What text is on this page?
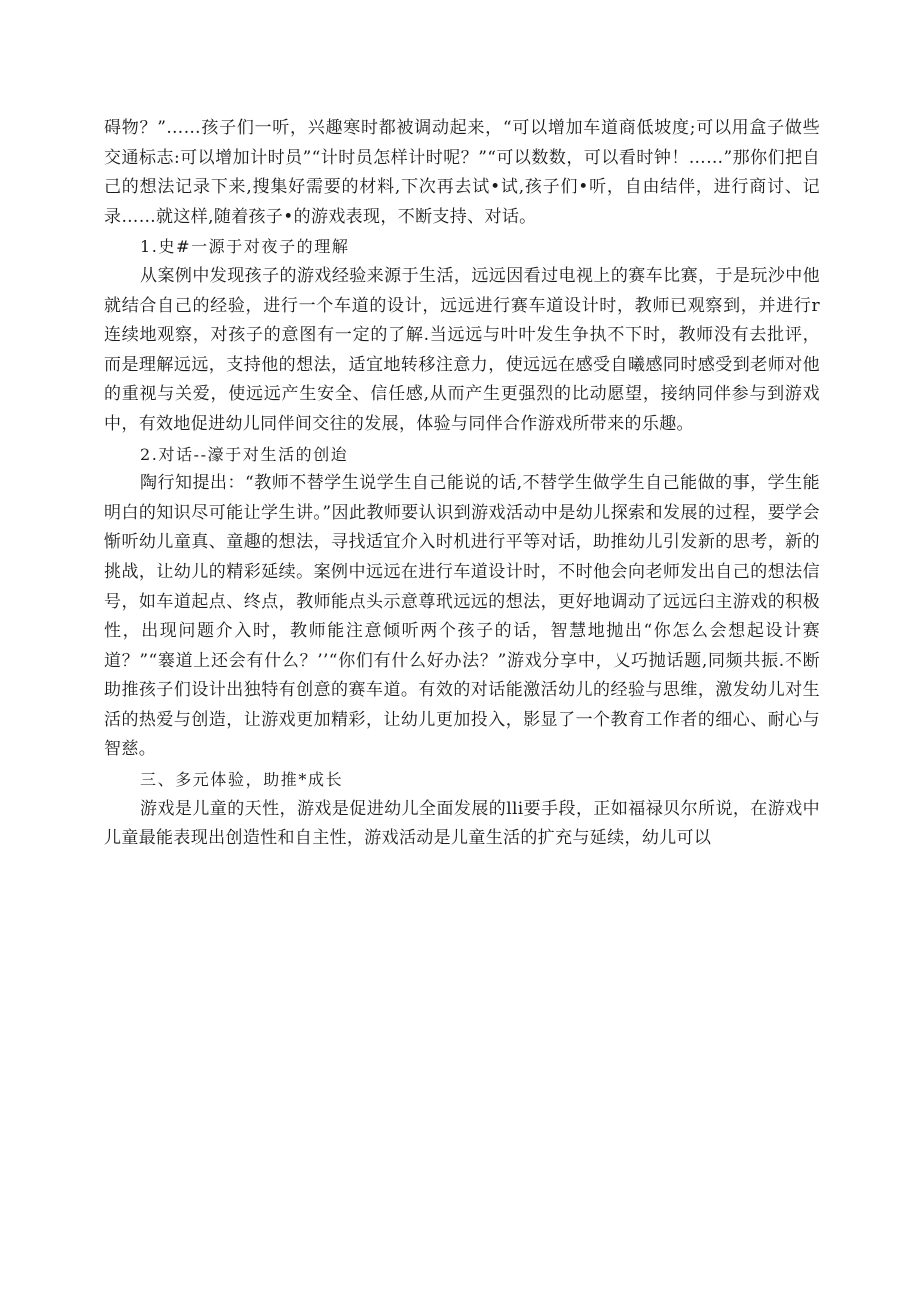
碍物？”……孩子们一听，兴趣寒时都被调动起来，“可以增加车道商低坡度;可以用盒子做些交通标志:可以增加计时员”“计时员怎样计时呢？”“可以数数，可以看时钟！……”那你们把自己的想法记录下来,搜集好需要的材料,下次再去试•试,孩子们•听，自由结伴，进行商讨、记录……就这样,随着孩子•的游戏表现，不断支持、对话。

1.史#一源于对夜子的理解

从案例中发现孩子的游戏经验来源于生活，远远因看过电视上的赛车比赛，于是玩沙中他就结合自己的经验，进行一个车道的设计，远远进行赛车道设计时，教师已观察到，并进行r连续地观察，对孩子的意图有一定的了解.当远远与叶叶发生争执不下时，教师没有去批评，而是理解远远，支持他的想法，适宜地转移注意力，使远远在感受自曦感同时感受到老师对他的重视与关爱，使远远产生安全、信任感,从而产生更强烈的比动愿望，接纳同伴参与到游戏中，有效地促进幼儿同伴间交往的发展，体验与同伴合作游戏所带来的乐趣。

2.对话--濠于对生活的创迨

陶行知提出：“教师不替学生说学生自己能说的话,不替学生做学生自己能做的事，学生能明白的知识尽可能让学生讲。”因此教师要认识到游戏活动中是幼儿探索和发展的过程，要学会惭听幼儿童真、童趣的想法，寻找适宜介入时机进行平等对话，助推幼儿引发新的思考，新的挑战，让幼儿的精彩延续。案例中远远在进行车道设计时，不时他会向老师发出自己的想法信号，如车道起点、终点，教师能点头示意尊玳远远的想法，更好地调动了远远臼主游戏的积极性，出现问题介入时，教师能注意倾听两个孩子的话，智慧地抛出“你怎么会想起设计赛道？”“褰道上还会有什么？’’“你们有什么好办法？”游戏分享中，乂巧抛话题,同频共振.不断助推孩子们设计出独特有创意的赛车道。有效的对话能激活幼儿的经验与思维，激发幼儿对生活的热爱与创造，让游戏更加精彩，让幼儿更加投入，影显了一个教育工作者的细心、耐心与智慈。

三、多元体验，助推*成长

游戏是儿童的天性，游戏是促进幼儿全面发展的lli要手段，正如福禄贝尔所说，在游戏中儿童最能表现出创造性和自主性，游戏活动是儿童生活的扩充与延续，幼儿可以
